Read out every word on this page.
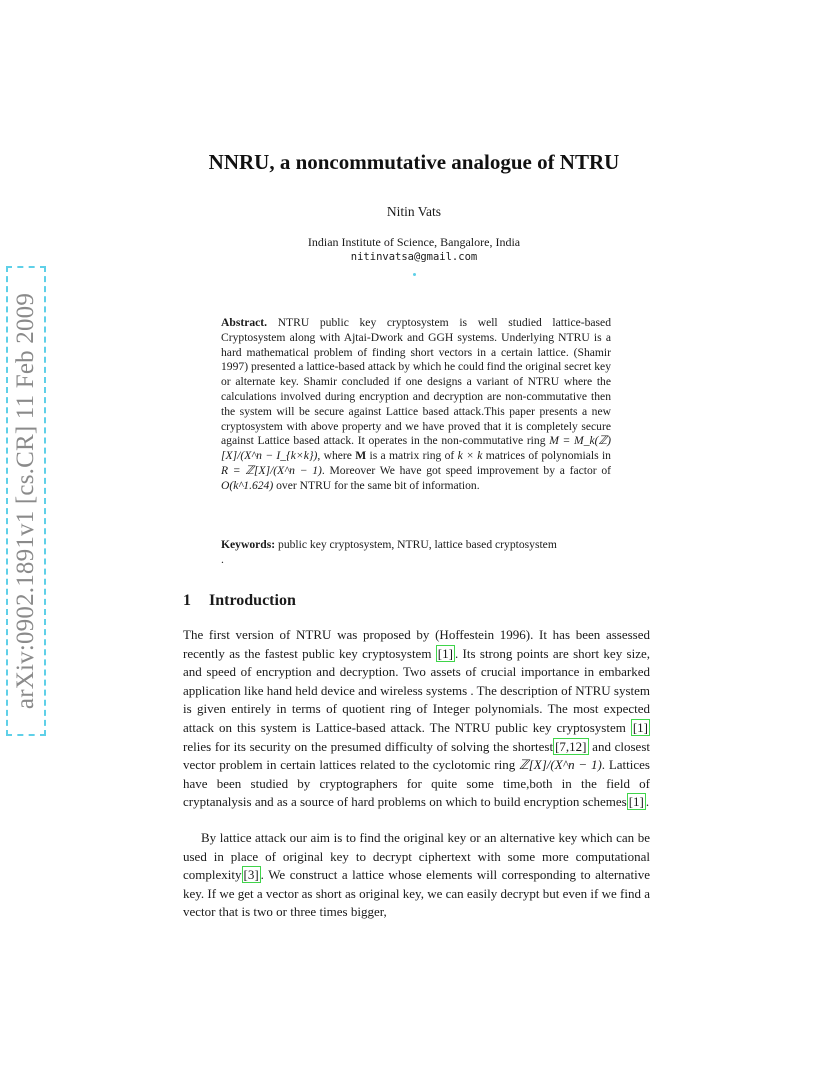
arXiv:0902.1891v1 [cs.CR] 11 Feb 2009
NNRU, a noncommutative analogue of NTRU
Nitin Vats
Indian Institute of Science, Bangalore, India
nitinvatsa@gmail.com

Abstract. NTRU public key cryptosystem is well studied lattice-based Cryptosystem along with Ajtai-Dwork and GGH systems. Underlying NTRU is a hard mathematical problem of finding short vectors in a certain lattice. (Shamir 1997) presented a lattice-based attack by which he could find the original secret key or alternate key. Shamir concluded if one designs a variant of NTRU where the calculations involved during encryption and decryption are non-commutative then the system will be secure against Lattice based attack.This paper presents a new cryptosystem with above property and we have proved that it is completely secure against Lattice based attack. It operates in the non-commutative ring M = M_k(ℤ)[X]/(X^n − I_{k×k}), where M is a matrix ring of k × k matrices of polynomials in R = ℤ[X]/(X^n − 1). Moreover We have got speed improvement by a factor of O(k^1.624) over NTRU for the same bit of information.

Keywords: public key cryptosystem, NTRU, lattice based cryptosystem

.

1 Introduction

The first version of NTRU was proposed by (Hoffestein 1996). It has been assessed recently as the fastest public key cryptosystem [1] . Its strong points are short key size, and speed of encryption and decryption. Two assets of crucial importance in embarked application like hand held device and wireless systems . The description of NTRU system is given entirely in terms of quotient ring of Integer polynomials. The most expected attack on this system is Lattice-based attack. The NTRU public key cryptosystem [1] relies for its security on the presumed difficulty of solving the shortest [7,12] and closest vector problem in certain lattices related to the cyclotomic ring ℤ[X]/(X^n − 1). Lattices have been studied by cryptographers for quite some time,both in the field of cryptanalysis and as a source of hard problems on which to build encryption schemes [1] .

By lattice attack our aim is to find the original key or an alternative key which can be used in place of original key to decrypt ciphertext with some more computational complexity [3] . We construct a lattice whose elements will corresponding to alternative key. If we get a vector as short as original key, we can easily decrypt but even if we find a vector that is two or three times bigger,
